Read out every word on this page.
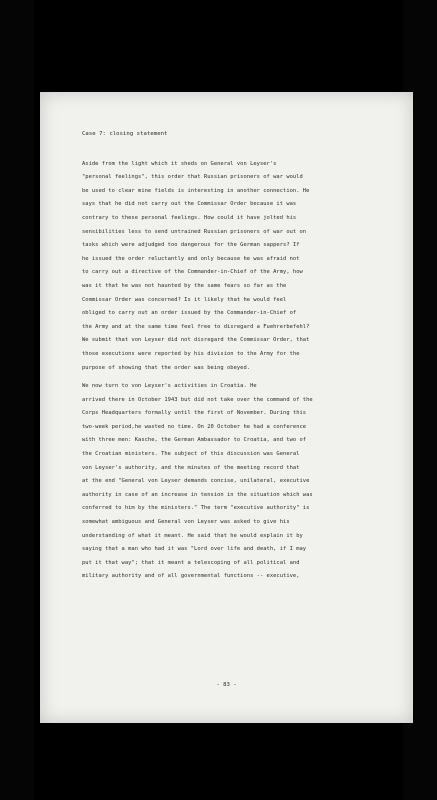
Case 7: closing statement
Aside from the light which it sheds on General von Leyser's
"personal feelings", this order that Russian prisoners of war would
be used to clear mine fields is interesting in another connection. He
says that he did not carry out the Commissar Order because it was
contrary to these personal feelings. How could it have jolted his
sensibilities less to send untrained Russian prisoners of war out on
tasks which were adjudged too dangerous for the German sappers? If
he issued the order reluctantly and only because he was afraid not
to carry out a directive of the Commander-in-Chief of the Army, how
was it that he was not haunted by the same fears so far as the
Commissar Order was concerned? Is it likely that he would feel
obliged to carry out an order issued by the Commander-in-Chief of
the Army and at the same time feel free to disregard a Fuehrerbefehl?
We submit that von Leyser did not disregard the Commissar Order, that
those executions were reported by his division to the Army for the
purpose of showing that the order was being obeyed.
We now turn to von Leyser's activities in Croatia. He
arrived there in October 1943 but did not take over the command of the
Corps Headquarters formally until the first of November. During this
two-week period,he wasted no time. On 20 October he had a conference
with three men: Kasche, the German Ambassador to Croatia, and two of
the Croatian ministers. The subject of this discussion was General
von Leyser's authority, and the minutes of the meeting record that
at the end "General von Leyser demands concise, unilateral, executive
authority in case of an increase in tension in the situation which was
conferred to him by the ministers." The term "executive authority" is
somewhat ambiguous and General von Leyser was asked to give his
understanding of what it meant. He said that he would explain it by
saying that a man who had it was "Lord over life and death, if I may
put it that way"; that it meant a telescoping of all political and
military authority and of all governmental functions -- executive,
- 83 -
